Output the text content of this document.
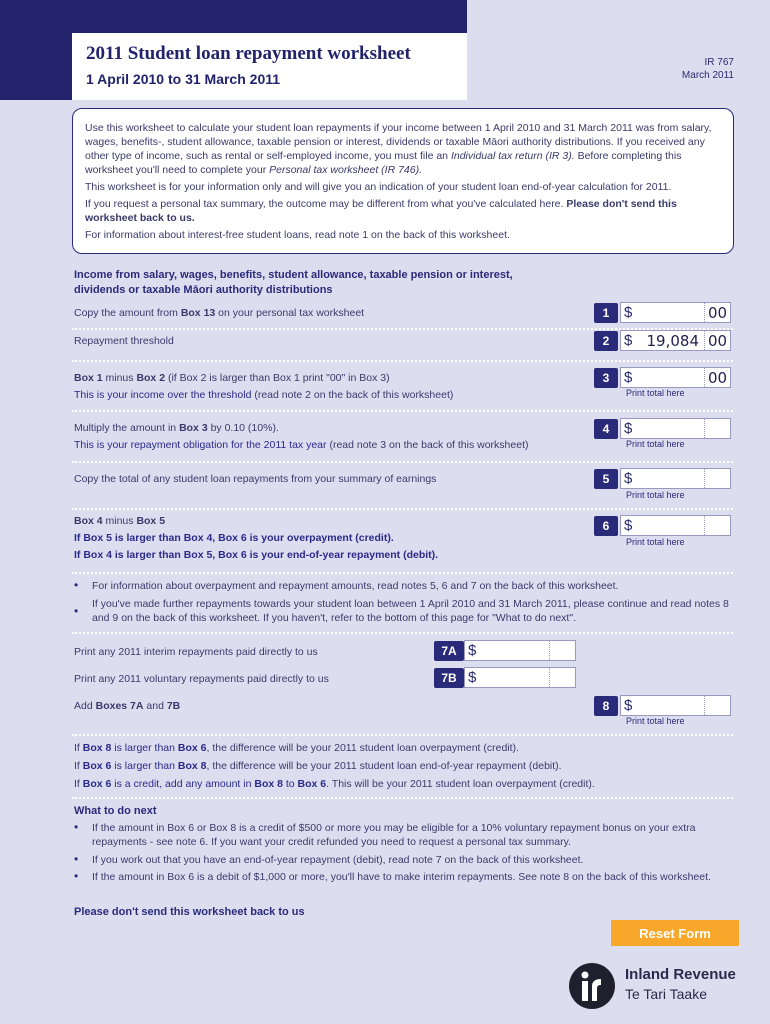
2011 Student loan repayment worksheet
1 April 2010 to 31 March 2011
IR 767
March 2011

Use this worksheet to calculate your student loan repayments if your income between 1 April 2010 and 31 March 2011 was from salary, wages, benefits-, student allowance, taxable pension or interest, dividends or taxable Māori authority distributions. If you received any other type of income, such as rental or self-employed income, you must file an Individual tax return (IR 3). Before completing this worksheet you'll need to complete your Personal tax worksheet (IR 746).

This worksheet is for your information only and will give you an indication of your student loan end-of-year calculation for 2011.

If you request a personal tax summary, the outcome may be different from what you've calculated here. Please don't send this worksheet back to us.

For information about interest-free student loans, read note 1 on the back of this worksheet.

Income from salary, wages, benefits, student allowance, taxable pension or interest,
dividends or taxable Māori authority distributions
Copy the amount from Box 13 on your personal tax worksheet	1 $	00
Repayment threshold	2 $ 19,084 00
Box 1 minus Box 2 (if Box 2 is larger than Box 1 print "00" in Box 3)
This is your income over the threshold (read note 2 on the back of this worksheet)
3 $	00
Print total here
Multiply the amount in Box 3 by 0.10 (10%).
This is your repayment obligation for the 2011 tax year (read note 3 on the back of this worksheet)
4 $
Print total here
Copy the total of any student loan repayments from your summary of earnings	5 $
Print total here
Box 4 minus Box 5
If Box 5 is larger than Box 4, Box 6 is your overpayment (credit).
If Box 4 is larger than Box 5, Box 6 is your end-of-year repayment (debit).
6 $
Print total here
• For information about overpayment and repayment amounts, read notes 5, 6 and 7 on the back of this worksheet.
• If you've made further repayments towards your student loan between 1 April 2010 and 31 March 2011, please continue and read notes 8 and 9 on the back of this worksheet. If you haven't, refer to the bottom of this page for "What to do next".
Print any 2011 interim repayments paid directly to us	7A $
Print any 2011 voluntary repayments paid directly to us	7B $
Add Boxes 7A and 7B	8 $
Print total here
If Box 8 is larger than Box 6, the difference will be your 2011 student loan overpayment (credit).
If Box 6 is larger than Box 8, the difference will be your 2011 student loan end-of-year repayment (debit).
If Box 6 is a credit, add any amount in Box 8 to Box 6. This will be your 2011 student loan overpayment (credit).
What to do next
• If the amount in Box 6 or Box 8 is a credit of $500 or more you may be eligible for a 10% voluntary repayment bonus on your extra repayments - see note 6. If you want your credit refunded you need to request a personal tax summary.
• If you work out that you have an end-of-year repayment (debit), read note 7 on the back of this worksheet.
• If the amount in Box 6 is a debit of $1,000 or more, you'll have to make interim repayments. See note 8 on the back of this worksheet.
Please don't send this worksheet back to us
Reset Form
Inland Revenue
Te Tari Taake
